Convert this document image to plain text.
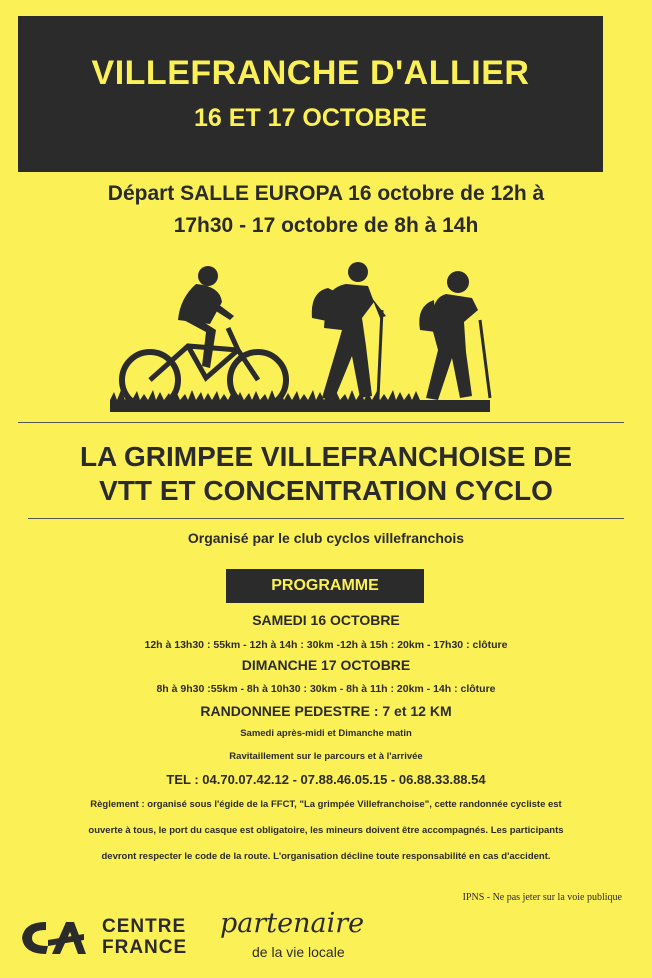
VILLEFRANCHE D'ALLIER
16 ET 17 OCTOBRE
Départ SALLE EUROPA 16 octobre de 12h à
17h30 - 17 octobre de 8h à 14h
LA GRIMPEE VILLEFRANCHOISE DE
VTT ET CONCENTRATION CYCLO
Organisé par le club cyclos villefranchois
PROGRAMME
SAMEDI 16 OCTOBRE
12h à 13h30 : 55km - 12h à 14h : 30km -12h à 15h : 20km - 17h30 : clôture
DIMANCHE 17 OCTOBRE
8h à 9h30 :55km - 8h à 10h30 : 30km - 8h à 11h : 20km - 14h : clôture
RANDONNEE PEDESTRE : 7 et 12 KM
Samedi après-midi et Dimanche matin
Ravitaillement sur le parcours et à l'arrivée
TEL : 04.70.07.42.12 - 07.88.46.05.15 - 06.88.33.88.54
Règlement : organisé sous l'égide de la FFCT, "La grimpée Villefranchoise", cette randonnée cycliste est
ouverte à tous, le port du casque est obligatoire, les mineurs doivent être accompagnés. Les participants
devront respecter le code de la route. L'organisation décline toute responsabilité en cas d'accident.
IPNS - Ne pas jeter sur la voie publique
CENTRE
FRANCE
partenaire
de la vie locale
